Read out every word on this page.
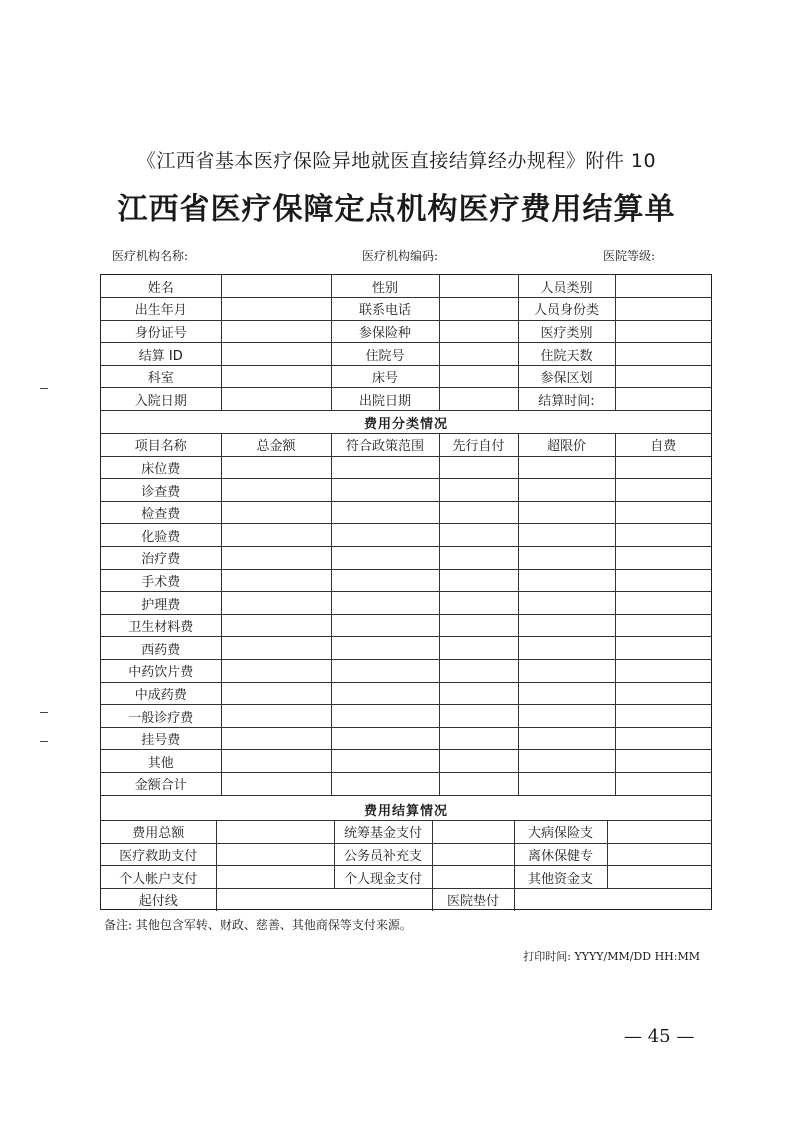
《江西省基本医疗保险异地就医直接结算经办规程》附件 10
江西省医疗保障定点机构医疗费用结算单
医疗机构名称:	医疗机构编码:	医院等级:
姓名		性别		人员类别	
出生年月		联系电话		人员身份类	
身份证号		参保险种		医疗类别	
结算 ID		住院号		住院天数	
科室		床号		参保区划	
入院日期		出院日期		结算时间:	
费用分类情况					
项目名称	总金额	符合政策范围	先行自付	超限价	自费
床位费					
诊查费					
检查费					
化验费					
治疗费					
手术费					
护理费					
卫生材料费					
西药费					
中药饮片费					
中成药费					
一般诊疗费					
挂号费					
其他					
金额合计					
费用结算情况					
费用总额		统筹基金支付		大病保险支	
医疗救助支付		公务员补充支		离休保健专	
个人帐户支付		个人现金支付		其他资金支	
起付线			医院垫付		
备注: 其他包含军转、财政、慈善、其他商保等支付来源。
打印时间: YYYY/MM/DD HH:MM
— 45 —
